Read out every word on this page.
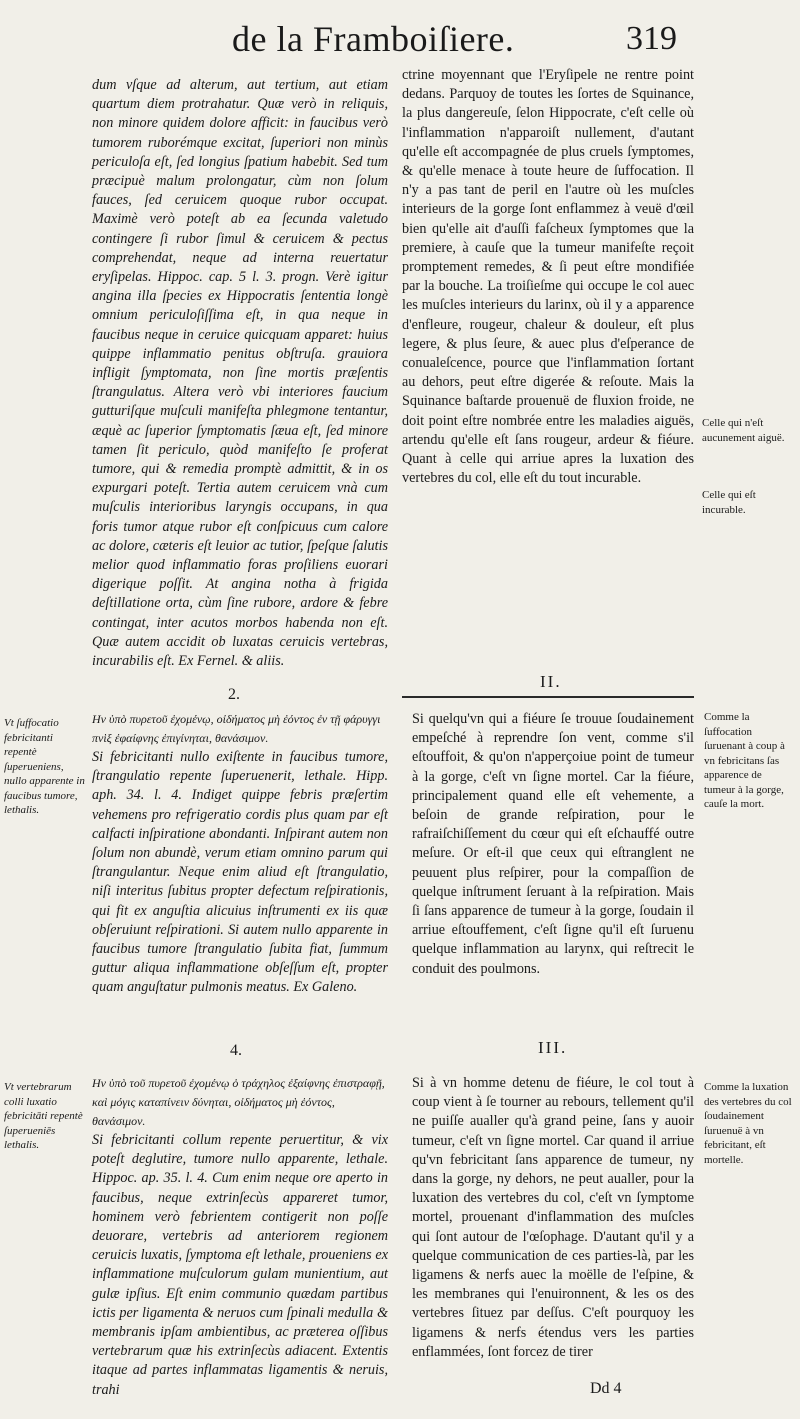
de la Framboiſiere.	319

dum vſque ad alterum, aut tertium, aut etiam quartum diem protrahatur. Quæ verò in reliquis, non minore quidem dolore afficit: in faucibus verò tumorem ruborémque excitat, ſuperiori non minùs periculoſa eſt, ſed longius ſpatium habebit. Sed tum præcipuè malum prolongatur, cùm non ſolum fauces, ſed ceruicem quoque rubor occupat. Maximè verò poteſt ab ea ſecunda valetudo contingere ſi rubor ſimul & ceruicem & pectus comprehendat, neque ad interna reuertatur eryſipelas. Hippoc. cap. 5 l. 3. progn. Verè igitur angina illa ſpecies ex Hippocratis ſententia longè omnium periculoſiſſima eſt, in qua neque in faucibus neque in ceruice quicquam apparet: huius quippe inflammatio penitus obſtruſa. grauiora infligit ſymptomata, non ſine mortis præſentis ſtrangulatus. Altera verò vbi interiores faucium gutturiſque muſculi manifeſta phlegmone tentantur, æquè ac ſuperior ſymptomatis ſæua eſt, ſed minore tamen ſit periculo, quòd manifeſto ſe proferat tumore, qui & remedia promptè admittit, & in os expurgari poteſt. Tertia autem ceruicem vnà cum muſculis interioribus laryngis occupans, in qua foris tumor atque rubor eſt conſpicuus cum calore ac dolore, cæteris eſt leuior ac tutior, ſpeſque ſalutis melior quod inflammatio foras proſiliens euorari digerique poſſit. At angina notha à frigida deſtillatione orta, cùm ſine rubore, ardore & febre contingat, inter acutos morbos habenda non eſt. Quæ autem accidit ob luxatas ceruicis vertebras, incurabilis eſt. Ex Fernel. & aliis.

ctrine moyennant que l'Eryſipele ne rentre point dedans. Parquoy de toutes les ſortes de Squinance, la plus dangereuſe, ſelon Hippocrate, c'eſt celle où l'inflammation n'apparoiſt nullement, d'autant qu'elle eſt accompagnée de plus cruels ſymptomes, & qu'elle menace à toute heure de ſuffocation. Il n'y a pas tant de peril en l'autre où les muſcles interieurs de la gorge ſont enflammez à veuë d'œil bien qu'elle ait d'auſſi faſcheux ſymptomes que la premiere, à cauſe que la tumeur manifeſte reçoit promptement remedes, & ſi peut eſtre mondifiée par la bouche. La troiſieſme qui occupe le col auec les muſcles interieurs du larinx, où il y a apparence d'enfleure, rougeur, chaleur & douleur, eſt plus legere, & plus ſeure, & auec plus d'eſperance de conualeſcence, pource que l'inflammation ſortant au dehors, peut eſtre digerée & reſoute. Mais la Squinance baſtarde prouenuë de fluxion froide, ne doit point eſtre nombrée entre les maladies aiguës, artendu qu'elle eſt ſans rougeur, ardeur & fiéure. Quant à celle qui arriue apres la luxation des vertebres du col, elle eſt du tout incurable.

Celle qui n'eſt aucunement aiguë.
Celle qui eſt incurable.
2.
II.
Vt ſuffocatio febricitanti repentè ſuperueniens, nullo apparente in faucibus tumore, lethalis.

Ην ὑπὸ πυρετοῦ ἐχομένῳ, οἰδήματος μὴ ἐόντος ἐν τῇ φάρυγγι πνὶξ ἐφαίφνης ἐπιγίνηται, θανάσιμον.

Si febricitanti nullo exiſtente in faucibus tumore, ſtrangulatio repente ſuperuenerit, lethale. Hipp. aph. 34. l. 4. Indiget quippe febris præſertim vehemens pro refrigeratio cordis plus quam par eſt calfacti inſpiratione abondanti. Inſpirant autem non ſolum non abundè, verum etiam omnino parum qui ſtrangulantur. Neque enim aliud eſt ſtrangulatio, niſi interitus ſubitus propter defectum reſpirationis, qui fit ex anguſtia alicuius inſtrumenti ex iis quæ obſeruiunt reſpirationi. Si autem nullo apparente in faucibus tumore ſtrangulatio ſubita fiat, ſummum guttur aliqua inflammatione obſeſſum eſt, propter quam anguſtatur pulmonis meatus. Ex Galeno.

Si quelqu'vn qui a fiéure ſe trouue ſoudainement empeſché à reprendre ſon vent, comme s'il eſtouffoit, & qu'on n'apperçoiue point de tumeur à la gorge, c'eſt vn ſigne mortel. Car la fiéure, principalement quand elle eſt vehemente, a beſoin de grande reſpiration, pour le rafraiſchiſſement du cœur qui eſt eſchauffé outre meſure. Or eſt-il que ceux qui eſtranglent ne peuuent plus reſpirer, pour la compaſſion de quelque inſtrument ſeruant à la reſpiration. Mais ſi ſans apparence de tumeur à la gorge, ſoudain il arriue eſtouffement, c'eſt ſigne qu'il eſt ſuruenu quelque inflammation au larynx, qui reſtrecit le conduit des poulmons.

Comme la ſuffocation ſuruenant à coup à vn febricitans ſas apparence de tumeur à la gorge, cauſe la mort.
4.	III.
Vt vertebrarum colli luxatio febricitāti repentè ſuperueniēs lethalis.

Ην ὑπὸ τοῦ πυρετοῦ ἐχομένῳ ὁ τράχηλος ἐξαίφνης ἐπιστραφῇ, καὶ μόγις καταπίνειν δύνηται, οἰδήματος μὴ ἐόντος, θανάσιμον.

Si febricitanti collum repente peruertitur, & vix poteſt deglutire, tumore nullo apparente, lethale. Hippoc. ap. 35. l. 4. Cum enim neque ore aperto in faucibus, neque extrinſecùs appareret tumor, hominem verò febrientem contigerit non poſſe deuorare, vertebris ad anteriorem regionem ceruicis luxatis, ſymptoma eſt lethale, proueniens ex inflammatione muſculorum gulam munientium, aut gulæ ipſius. Eſt enim communio quædam partibus ictis per ligamenta & neruos cum ſpinali medulla & membranis ipſam ambientibus, ac præterea oſſibus vertebrarum quæ his extrinſecùs adiacent. Extentis itaque ad partes inflammatas ligamentis & neruis, trahi

Si à vn homme detenu de fiéure, le col tout à coup vient à ſe tourner au rebours, tellement qu'il ne puiſſe aualler qu'à grand peine, ſans y auoir tumeur, c'eſt vn ſigne mortel. Car quand il arriue qu'vn febricitant ſans apparence de tumeur, ny dans la gorge, ny dehors, ne peut aualler, pour la luxation des vertebres du col, c'eſt vn ſymptome mortel, prouenant d'inflammation des muſcles qui ſont autour de l'œſophage. D'autant qu'il y a quelque communication de ces parties-là, par les ligamens & nerfs auec la moëlle de l'eſpine, & les membranes qui l'enuironnent, & les os des vertebres ſituez par deſſus. C'eſt pourquoy les ligamens & nerfs étendus vers les parties enflammées, ſont forcez de tirer

Comme la luxation des vertebres du col ſoudainement ſuruenuë à vn febricitant, eſt mortelle.
Dd 4
